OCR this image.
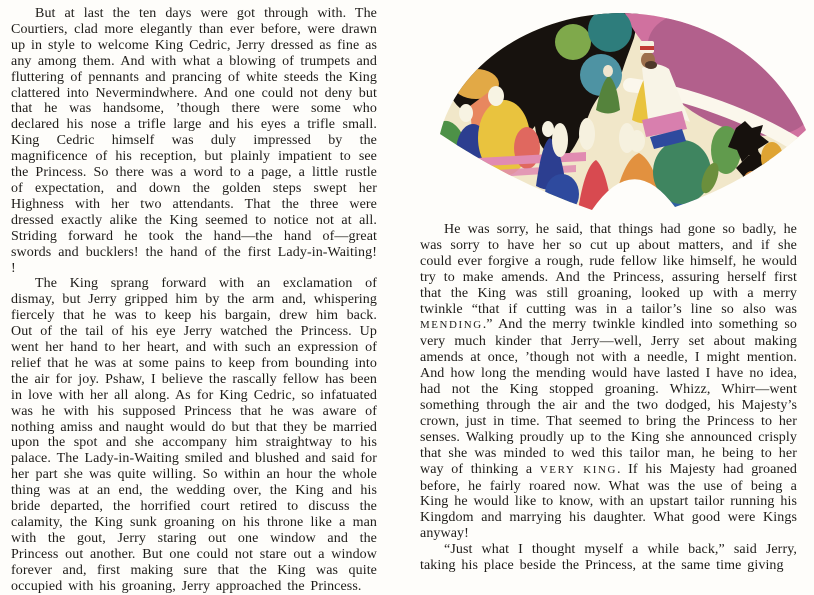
But at last the ten days were got through with. The Courtiers, clad more elegantly than ever before, were drawn up in style to welcome King Cedric, Jerry dressed as fine as any among them. And with what a blowing of trumpets and fluttering of pennants and prancing of white steeds the King clattered into Nevermindwhere. And one could not deny but that he was handsome, ’though there were some who declared his nose a trifle large and his eyes a trifle small. King Cedric himself was duly impressed by the magnificence of his reception, but plainly impatient to see the Princess. So there was a word to a page, a little rustle of expectation, and down the golden steps swept her Highness with her two attendants. That the three were dressed exactly alike the King seemed to notice not at all. Striding forward he took the hand—the hand of—great swords and bucklers! the hand of the first Lady-in-Waiting! !

The King sprang forward with an exclamation of dismay, but Jerry gripped him by the arm and, whispering fiercely that he was to keep his bargain, drew him back. Out of the tail of his eye Jerry watched the Princess. Up went her hand to her heart, and with such an expression of relief that he was at some pains to keep from bounding into the air for joy. Pshaw, I believe the rascally fellow has been in love with her all along. As for King Cedric, so infatuated was he with his supposed Princess that he was aware of nothing amiss and naught would do but that they be married upon the spot and she accompany him straightway to his palace. The Lady-in-Waiting smiled and blushed and said for her part she was quite willing. So within an hour the whole thing was at an end, the wedding over, the King and his bride departed, the horrified court retired to discuss the calamity, the King sunk groaning on his throne like a man with the gout, Jerry staring out one window and the Princess out another. But one could not stare out a window forever and, first making sure that the King was quite occupied with his groaning, Jerry approached the Princess.

He was sorry, he said, that things had gone so badly, he was sorry to have her so cut up about matters, and if she could ever forgive a rough, rude fellow like himself, he would try to make amends. And the Princess, assuring herself first that the King was still groaning, looked up with a merry twinkle “that if cutting was in a tailor’s line so also was MENDING.” And the merry twinkle kindled into something so very much kinder that Jerry—well, Jerry set about making amends at once, ’though not with a needle, I might mention. And how long the mending would have lasted I have no idea, had not the King stopped groaning. Whizz, Whirr—went something through the air and the two dodged, his Majesty’s crown, just in time. That seemed to bring the Princess to her senses. Walking proudly up to the King she announced crisply that she was minded to wed this tailor man, he being to her way of thinking a VERY KING. If his Majesty had groaned before, he fairly roared now. What was the use of being a King he would like to know, with an upstart tailor running his Kingdom and marrying his daughter. What good were Kings anyway!

“Just what I thought myself a while back,” said Jerry, taking his place beside the Princess, at the same time giving
